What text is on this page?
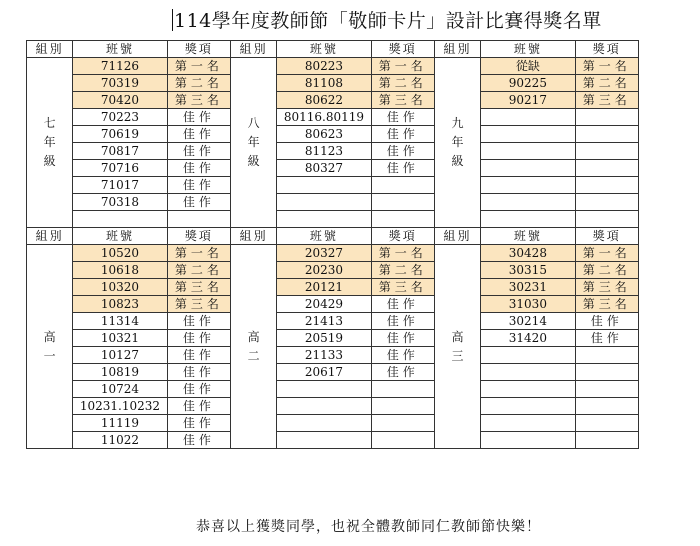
114學年度教師節「敬師卡片」設計比賽得獎名單
組別	班號	獎項	組別	班號	獎項	組別	班號	獎項
七年級	71126	第一名	八年級	80223	第一名	九年級	從缺	第一名
	70319	第二名		81108	第二名		90225	第二名
	70420	第三名		80622	第三名		90217	第三名
	70223	佳作		80116.80119	佳作			
	70619	佳作		80623	佳作			
	70817	佳作		81123	佳作			
	70716	佳作		80327	佳作			
	71017	佳作						
	70318	佳作						

組別	班號	獎項	組別	班號	獎項	組別	班號	獎項
高一	10520	第一名	高二	20327	第一名	高三	30428	第一名
	10618	第二名		20230	第二名		30315	第二名
	10320	第三名		20121	第三名		30231	第三名
	10823	第三名		20429	佳作		31030	第三名
	11314	佳作		21413	佳作		30214	佳作
	10321	佳作		20519	佳作		31420	佳作
	10127	佳作		21133	佳作			
	10819	佳作		20617	佳作			
	10724	佳作						
	10231.10232	佳作						
	11119	佳作						
	11022	佳作						
恭喜以上獲獎同學，也祝全體教師同仁教師節快樂！
